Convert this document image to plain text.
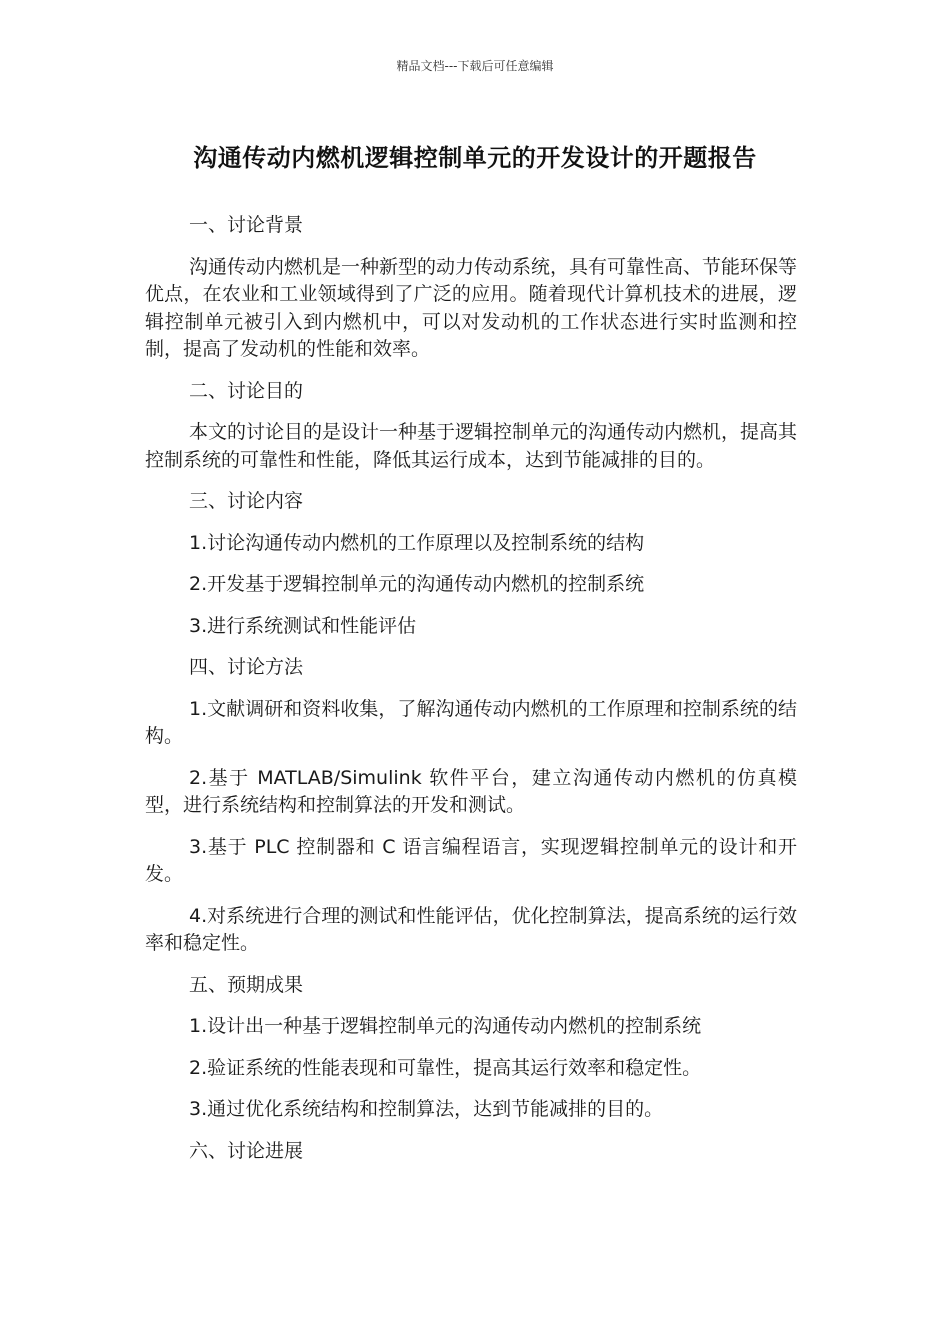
精品文档---下载后可任意编辑
沟通传动内燃机逻辑控制单元的开发设计的开题报告
一、讨论背景

沟通传动内燃机是一种新型的动力传动系统，具有可靠性高、节能环保等优点，在农业和工业领域得到了广泛的应用。随着现代计算机技术的进展，逻辑控制单元被引入到内燃机中，可以对发动机的工作状态进行实时监测和控制，提高了发动机的性能和效率。

二、讨论目的

本文的讨论目的是设计一种基于逻辑控制单元的沟通传动内燃机，提高其控制系统的可靠性和性能，降低其运行成本，达到节能减排的目的。

三、讨论内容

1.讨论沟通传动内燃机的工作原理以及控制系统的结构

2.开发基于逻辑控制单元的沟通传动内燃机的控制系统

3.进行系统测试和性能评估

四、讨论方法

1.文献调研和资料收集，了解沟通传动内燃机的工作原理和控制系统的结构。

2.基于 MATLAB/Simulink 软件平台，建立沟通传动内燃机的仿真模型，进行系统结构和控制算法的开发和测试。

3.基于 PLC 控制器和 C 语言编程语言，实现逻辑控制单元的设计和开发。

4.对系统进行合理的测试和性能评估，优化控制算法，提高系统的运行效率和稳定性。

五、预期成果

1.设计出一种基于逻辑控制单元的沟通传动内燃机的控制系统

2.验证系统的性能表现和可靠性，提高其运行效率和稳定性。

3.通过优化系统结构和控制算法，达到节能减排的目的。

六、讨论进展
